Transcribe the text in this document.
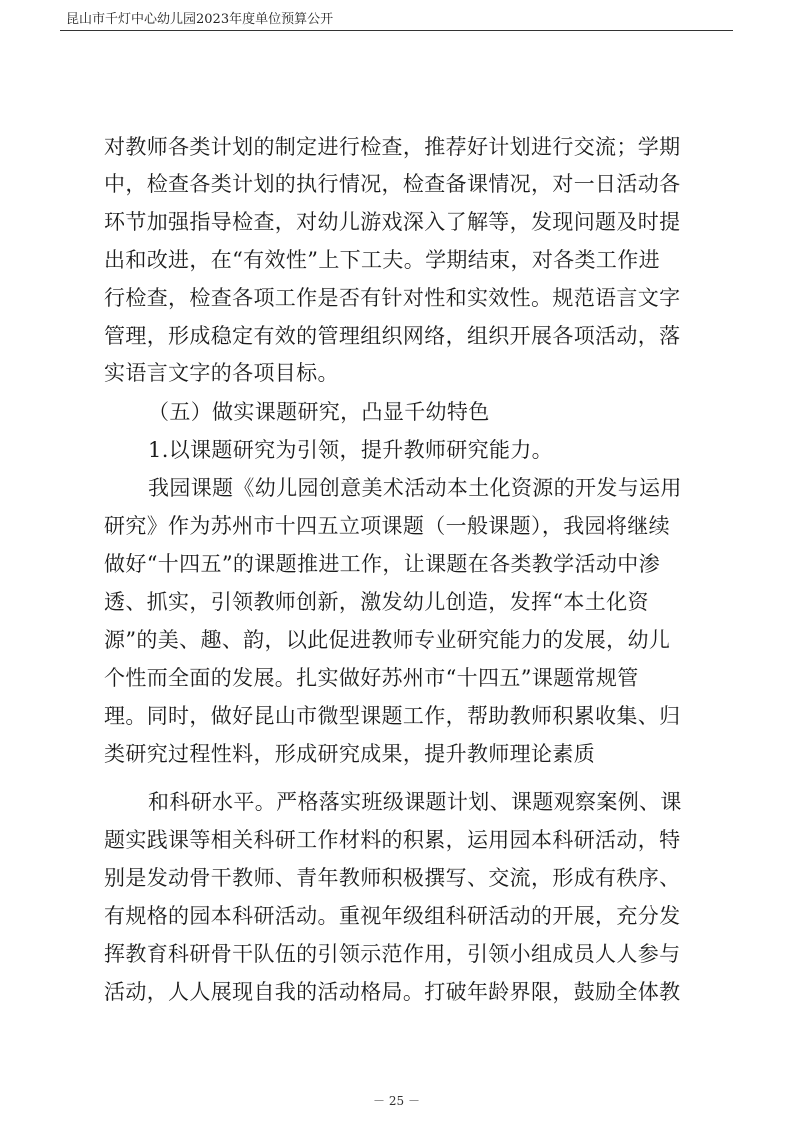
昆山市千灯中心幼儿园2023年度单位预算公开
对教师各类计划的制定进行检查，推荐好计划进行交流；学期
中，检查各类计划的执行情况，检查备课情况，对一日活动各
环节加强指导检查，对幼儿游戏深入了解等，发现问题及时提
出和改进，在“有效性”上下工夫。学期结束，对各类工作进
行检查，检查各项工作是否有针对性和实效性。规范语言文字
管理，形成稳定有效的管理组织网络，组织开展各项活动，落
实语言文字的各项目标。
（五）做实课题研究，凸显千幼特色
1.以课题研究为引领，提升教师研究能力。
我园课题《幼儿园创意美术活动本土化资源的开发与运用
研究》作为苏州市十四五立项课题（一般课题），我园将继续
做好“十四五”的课题推进工作，让课题在各类教学活动中渗
透、抓实，引领教师创新，激发幼儿创造，发挥“本土化资
源”的美、趣、韵，以此促进教师专业研究能力的发展，幼儿
个性而全面的发展。扎实做好苏州市“十四五”课题常规管
理。同时，做好昆山市微型课题工作，帮助教师积累收集、归
类研究过程性料，形成研究成果，提升教师理论素质
和科研水平。严格落实班级课题计划、课题观察案例、课
题实践课等相关科研工作材料的积累，运用园本科研活动，特
别是发动骨干教师、青年教师积极撰写、交流，形成有秩序、
有规格的园本科研活动。重视年级组科研活动的开展，充分发
挥教育科研骨干队伍的引领示范作用，引领小组成员人人参与
活动，人人展现自我的活动格局。打破年龄界限，鼓励全体教
－ 25 －
